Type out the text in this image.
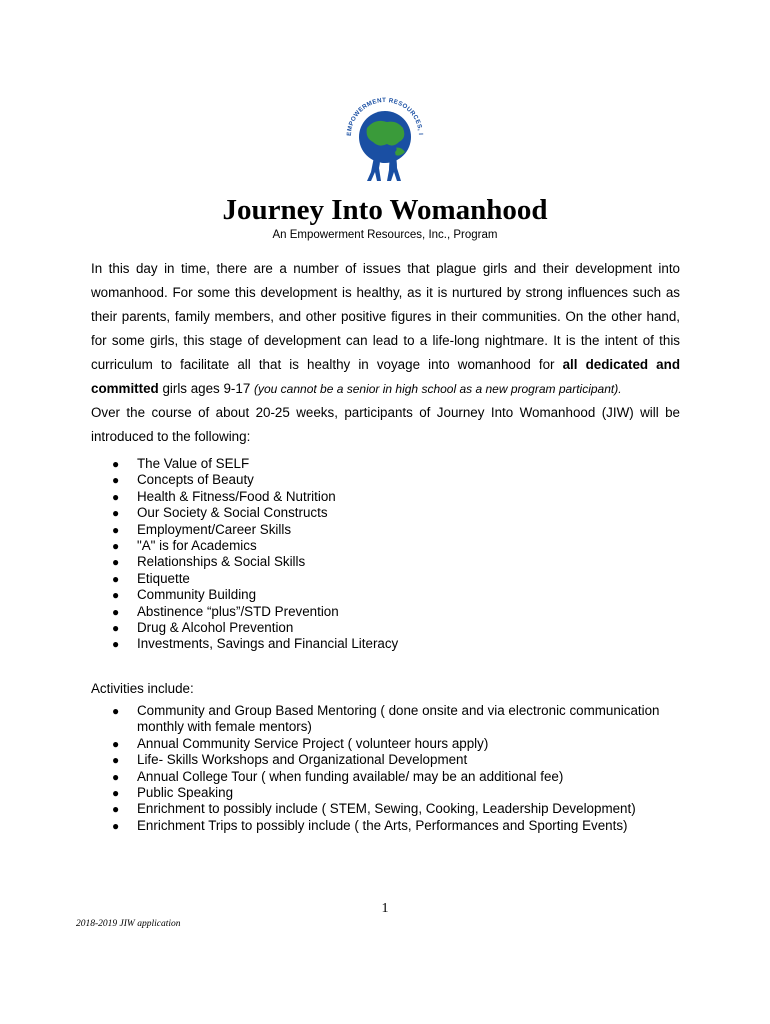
EMPOWERMENT RESOURCES, I
Journey Into Womanhood
An Empowerment Resources, Inc., Program

In this day in time, there are a number of issues that plague girls and their development into womanhood. For some this development is healthy, as it is nurtured by strong influences such as their parents, family members, and other positive figures in their communities. On the other hand, for some girls, this stage of development can lead to a life-long nightmare. It is the intent of this curriculum to facilitate all that is healthy in voyage into womanhood for all dedicated and committed girls ages 9-17 (you cannot be a senior in high school as a new program participant).

Over the course of about 20-25 weeks, participants of Journey Into Womanhood (JIW) will be introduced to the following:

● The Value of SELF
● Concepts of Beauty
● Health & Fitness/Food & Nutrition
● Our Society & Social Constructs
● Employment/Career Skills
● "A" is for Academics
● Relationships & Social Skills
● Etiquette
● Community Building
● Abstinence “plus”/STD Prevention
● Drug & Alcohol Prevention
● Investments, Savings and Financial Literacy
Activities include:
● Community and Group Based Mentoring ( done onsite and via electronic communication monthly with female mentors)
● Annual Community Service Project ( volunteer hours apply)
● Life- Skills Workshops and Organizational Development
● Annual College Tour ( when funding available/ may be an additional fee)
● Public Speaking
● Enrichment to possibly include ( STEM, Sewing, Cooking, Leadership Development)
● Enrichment Trips to possibly include ( the Arts, Performances and Sporting Events)
1
2018-2019 JIW application
